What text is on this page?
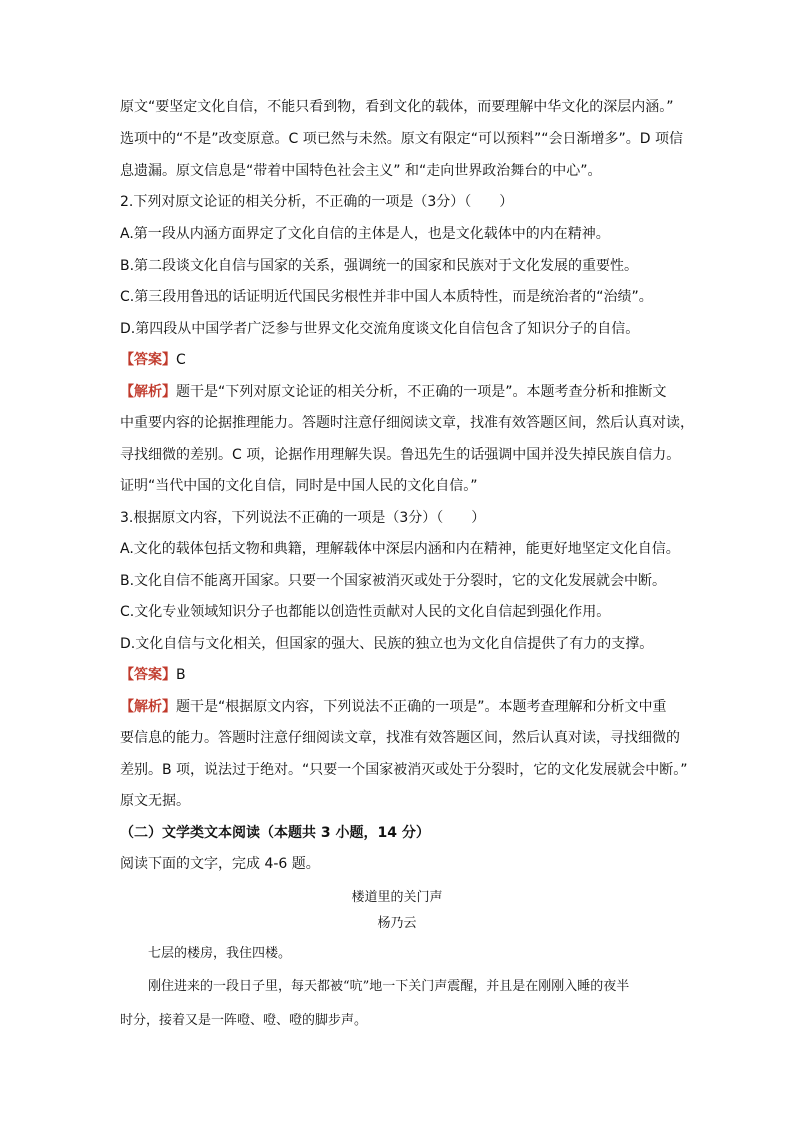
原文“要坚定文化自信，不能只看到物，看到文化的载体，而要理解中华文化的深层内涵。”
选项中的“不是”改变原意。C 项已然与未然。原文有限定“可以预料”“会日渐增多”。D 项信
息遗漏。原文信息是“带着中国特色社会主义” 和“走向世界政治舞台的中心”。
2.下列对原文论证的相关分析，不正确的一项是（3分）（　　）
A.第一段从内涵方面界定了文化自信的主体是人，也是文化载体中的内在精神。
B.第二段谈文化自信与国家的关系，强调统一的国家和民族对于文化发展的重要性。
C.第三段用鲁迅的话证明近代国民劣根性并非中国人本质特性，而是统治者的“治绩”。
D.第四段从中国学者广泛参与世界文化交流角度谈文化自信包含了知识分子的自信。
【答案】C
【解析】题干是“下列对原文论证的相关分析，不正确的一项是”。本题考查分析和推断文
中重要内容的论据推理能力。答题时注意仔细阅读文章，找准有效答题区间，然后认真对读，
寻找细微的差别。C 项，论据作用理解失误。鲁迅先生的话强调中国并没失掉民族自信力。
证明“当代中国的文化自信，同时是中国人民的文化自信。”
3.根据原文内容，下列说法不正确的一项是（3分）（　　）
A.文化的载体包括文物和典籍，理解载体中深层内涵和内在精神，能更好地坚定文化自信。
B.文化自信不能离开国家。只要一个国家被消灭或处于分裂时，它的文化发展就会中断。
C.文化专业领域知识分子也都能以创造性贡献对人民的文化自信起到强化作用。
D.文化自信与文化相关，但国家的强大、民族的独立也为文化自信提供了有力的支撑。
【答案】B
【解析】题干是“根据原文内容，下列说法不正确的一项是”。本题考查理解和分析文中重
要信息的能力。答题时注意仔细阅读文章，找准有效答题区间，然后认真对读，寻找细微的
差别。B 项，说法过于绝对。“只要一个国家被消灭或处于分裂时，它的文化发展就会中断。”
原文无据。
（二）文学类文本阅读（本题共 3 小题，14 分）
阅读下面的文字，完成 4-6 题。
楼道里的关门声
杨乃云
七层的楼房，我住四楼。
刚住进来的一段日子里，每天都被“吭”地一下关门声震醒，并且是在刚刚入睡的夜半
时分，接着又是一阵噔、噔、噔的脚步声。
